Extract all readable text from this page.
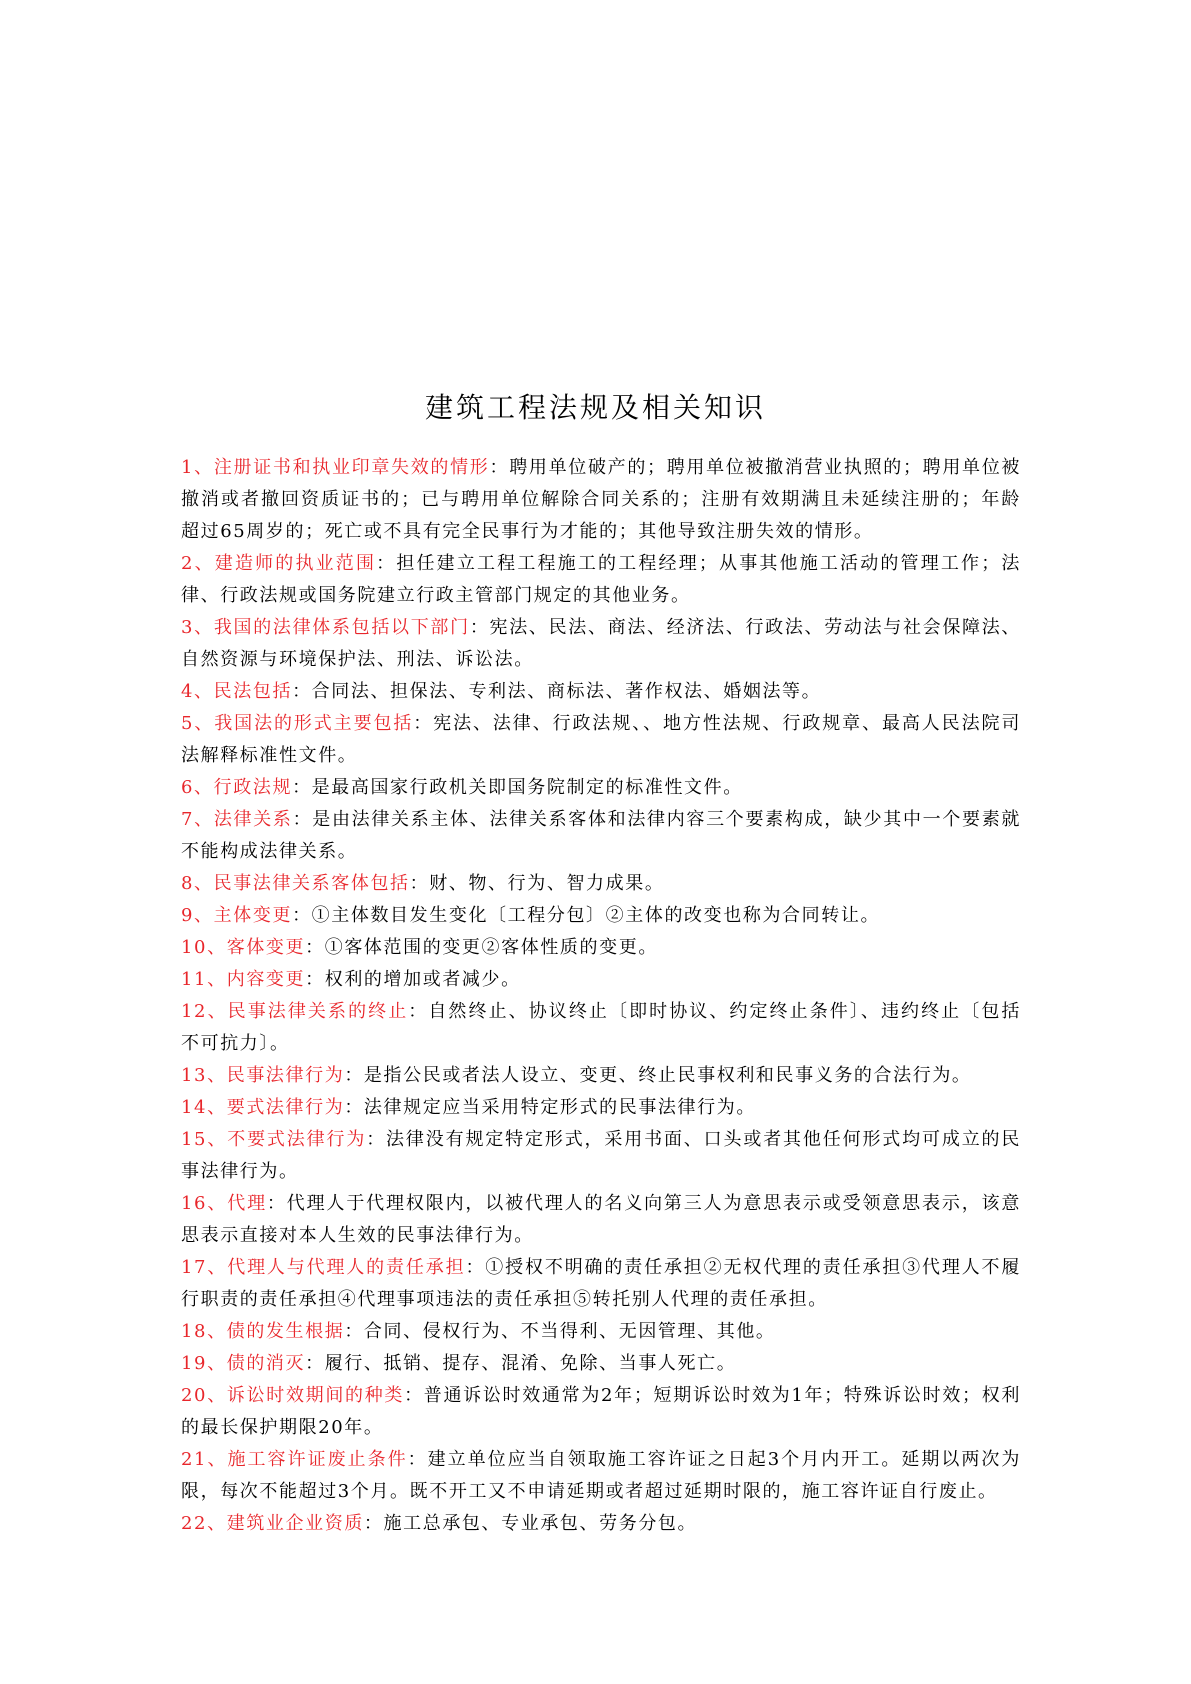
建筑工程法规及相关知识
1、注册证书和执业印章失效的情形：聘用单位破产的；聘用单位被撤消营业执照的；聘用单位被撤消或者撤回资质证书的；已与聘用单位解除合同关系的；注册有效期满且未延续注册的；年龄超过65周岁的；死亡或不具有完全民事行为才能的；其他导致注册失效的情形。
2、建造师的执业范围：担任建立工程工程施工的工程经理；从事其他施工活动的管理工作；法律、行政法规或国务院建立行政主管部门规定的其他业务。
3、我国的法律体系包括以下部门：宪法、民法、商法、经济法、行政法、劳动法与社会保障法、自然资源与环境保护法、刑法、诉讼法。
4、民法包括：合同法、担保法、专利法、商标法、著作权法、婚姻法等。
5、我国法的形式主要包括：宪法、法律、行政法规、、地方性法规、行政规章、最高人民法院司法解释标准性文件。
6、行政法规：是最高国家行政机关即国务院制定的标准性文件。
7、法律关系：是由法律关系主体、法律关系客体和法律内容三个要素构成，缺少其中一个要素就不能构成法律关系。
8、民事法律关系客体包括：财、物、行为、智力成果。
9、主体变更：①主体数目发生变化〔工程分包〕②主体的改变也称为合同转让。
10、客体变更：①客体范围的变更②客体性质的变更。
11、内容变更：权利的增加或者减少。
12、民事法律关系的终止：自然终止、协议终止〔即时协议、约定终止条件〕、违约终止〔包括不可抗力〕。
13、民事法律行为：是指公民或者法人设立、变更、终止民事权利和民事义务的合法行为。
14、要式法律行为：法律规定应当采用特定形式的民事法律行为。
15、不要式法律行为：法律没有规定特定形式，采用书面、口头或者其他任何形式均可成立的民事法律行为。
16、代理：代理人于代理权限内，以被代理人的名义向第三人为意思表示或受领意思表示，该意思表示直接对本人生效的民事法律行为。
17、代理人与代理人的责任承担：①授权不明确的责任承担②无权代理的责任承担③代理人不履行职责的责任承担④代理事项违法的责任承担⑤转托别人代理的责任承担。
18、债的发生根据：合同、侵权行为、不当得利、无因管理、其他。
19、债的消灭：履行、抵销、提存、混淆、免除、当事人死亡。
20、诉讼时效期间的种类：普通诉讼时效通常为2年；短期诉讼时效为1年；特殊诉讼时效；权利的最长保护期限20年。
21、施工容许证废止条件：建立单位应当自领取施工容许证之日起3个月内开工。延期以两次为限，每次不能超过3个月。既不开工又不申请延期或者超过延期时限的，施工容许证自行废止。
22、建筑业企业资质：施工总承包、专业承包、劳务分包。
